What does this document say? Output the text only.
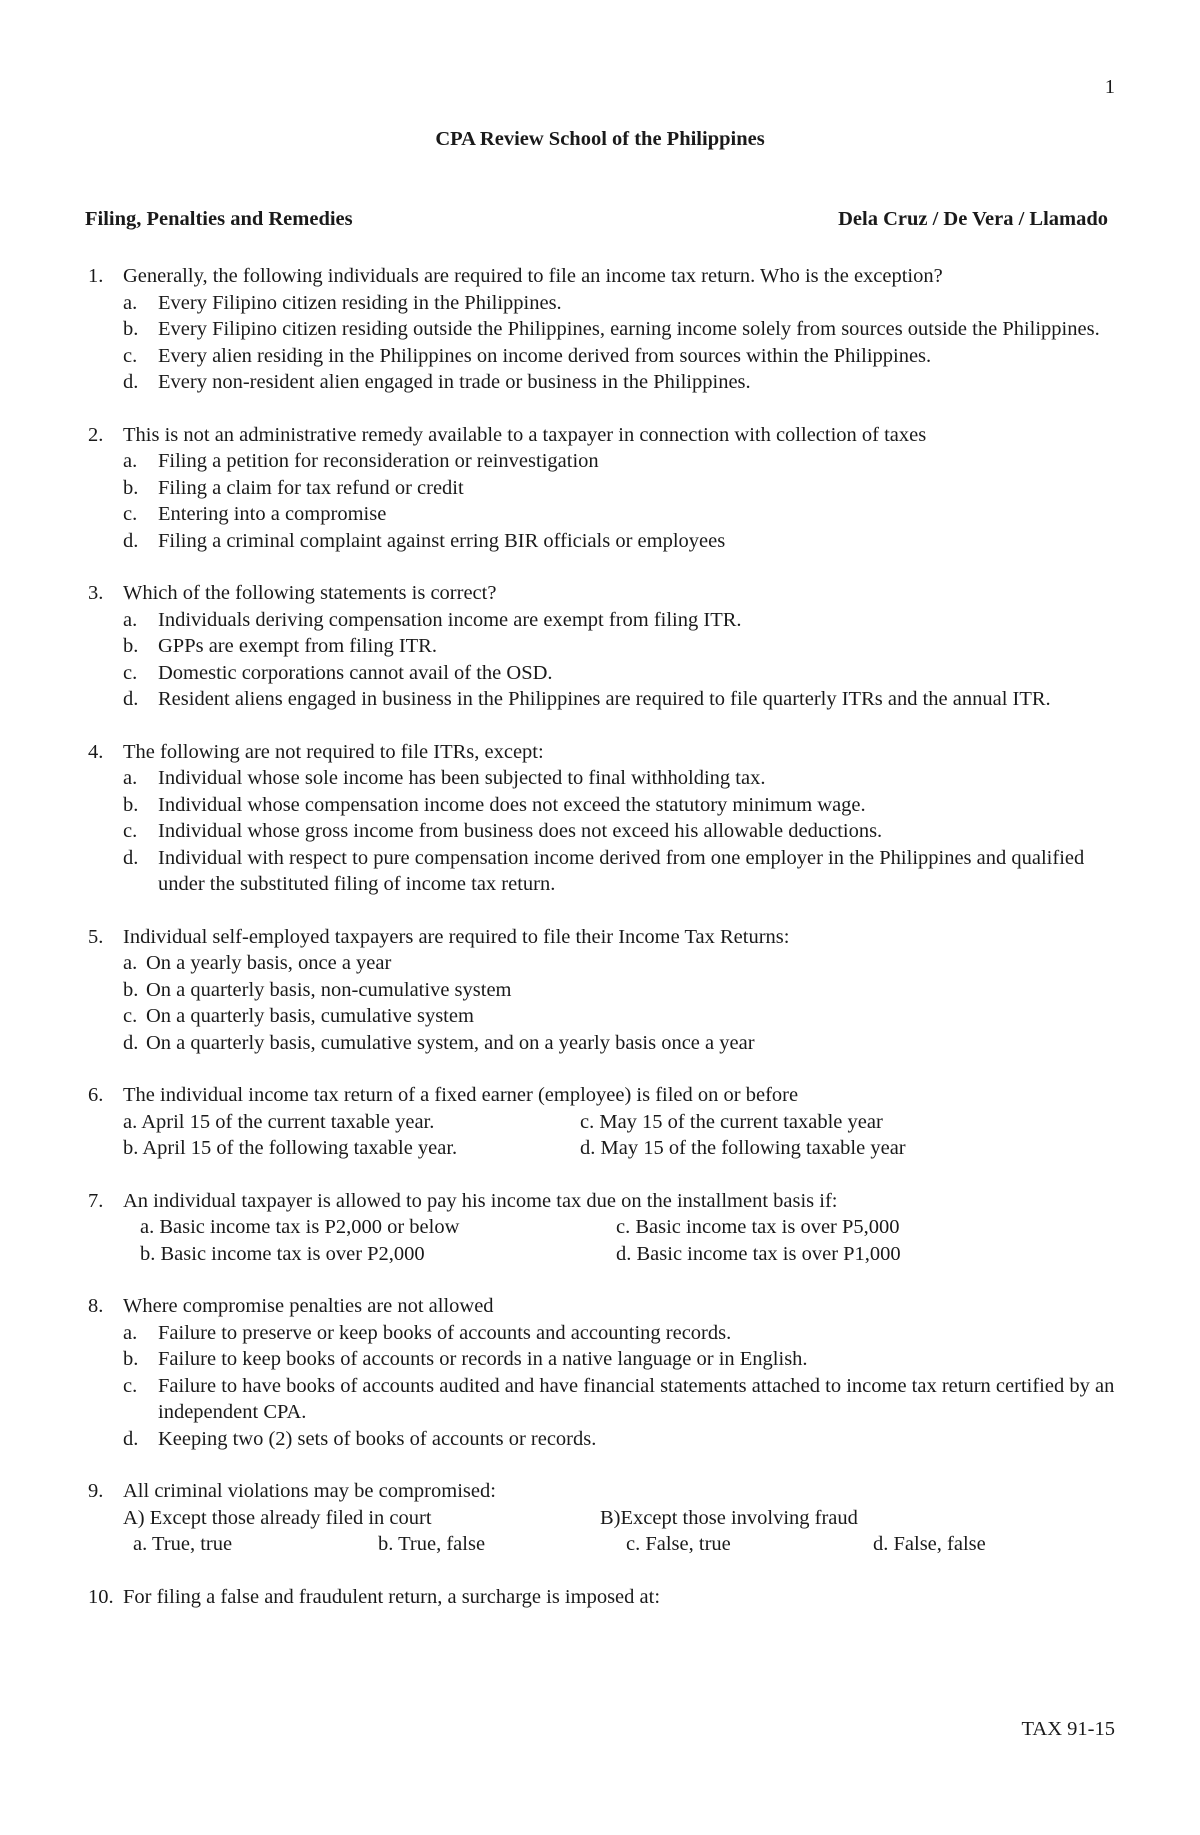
1
CPA Review School of the Philippines
Filing, Penalties and Remedies	Dela Cruz / De Vera / Llamado
1. Generally, the following individuals are required to file an income tax return. Who is the exception?
a. Every Filipino citizen residing in the Philippines.
b. Every Filipino citizen residing outside the Philippines, earning income solely from sources outside the Philippines.
c. Every alien residing in the Philippines on income derived from sources within the Philippines.
d. Every non-resident alien engaged in trade or business in the Philippines.
2. This is not an administrative remedy available to a taxpayer in connection with collection of taxes
a. Filing a petition for reconsideration or reinvestigation
b. Filing a claim for tax refund or credit
c. Entering into a compromise
d. Filing a criminal complaint against erring BIR officials or employees
3. Which of the following statements is correct?
a. Individuals deriving compensation income are exempt from filing ITR.
b. GPPs are exempt from filing ITR.
c. Domestic corporations cannot avail of the OSD.
d. Resident aliens engaged in business in the Philippines are required to file quarterly ITRs and the annual ITR.
4. The following are not required to file ITRs, except:
a. Individual whose sole income has been subjected to final withholding tax.
b. Individual whose compensation income does not exceed the statutory minimum wage.
c. Individual whose gross income from business does not exceed his allowable deductions.
d. Individual with respect to pure compensation income derived from one employer in the Philippines and qualified under the substituted filing of income tax return.
5. Individual self-employed taxpayers are required to file their Income Tax Returns:
a. On a yearly basis, once a year
b. On a quarterly basis, non-cumulative system
c. On a quarterly basis, cumulative system
d. On a quarterly basis, cumulative system, and on a yearly basis once a year
6. The individual income tax return of a fixed earner (employee) is filed on or before
a. April 15 of the current taxable year.	c. May 15 of the current taxable year
b. April 15 of the following taxable year.	d. May 15 of the following taxable year
7. An individual taxpayer is allowed to pay his income tax due on the installment basis if:
a. Basic income tax is P2,000 or below	c. Basic income tax is over P5,000
b. Basic income tax is over P2,000	d. Basic income tax is over P1,000
8. Where compromise penalties are not allowed
a. Failure to preserve or keep books of accounts and accounting records.
b. Failure to keep books of accounts or records in a native language or in English.
c. Failure to have books of accounts audited and have financial statements attached to income tax return certified by an independent CPA.
d. Keeping two (2) sets of books of accounts or records.
9. All criminal violations may be compromised:
A) Except those already filed in court	B)Except those involving fraud
a. True, true	b. True, false	c. False, true	d. False, false
10. For filing a false and fraudulent return, a surcharge is imposed at:
TAX 91-15
